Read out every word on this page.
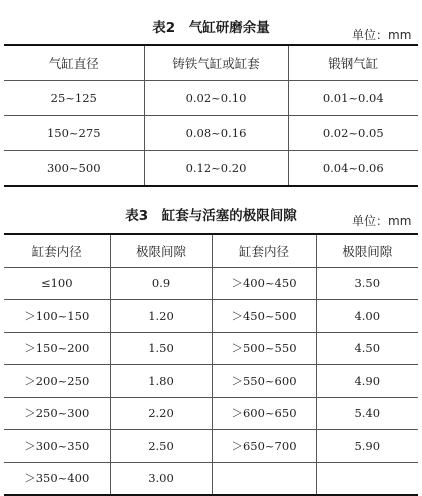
表2　气缸研磨余量	单位：mm
气缸直径	铸铁气缸或缸套	锻钢气缸
25~125	0.02~0.10	0.01~0.04
150~275	0.08~0.16	0.02~0.05
300~500	0.12~0.20	0.04~0.06
表3　缸套与活塞的极限间隙	单位：mm
缸套内径	极限间隙	缸套内径	极限间隙
≤100	0.9	＞400~450	3.50
＞100~150	1.20	＞450~500	4.00
＞150~200	1.50	＞500~550	4.50
＞200~250	1.80	＞550~600	4.90
＞250~300	2.20	＞600~650	5.40
＞300~350	2.50	＞650~700	5.90
＞350~400	3.00		
